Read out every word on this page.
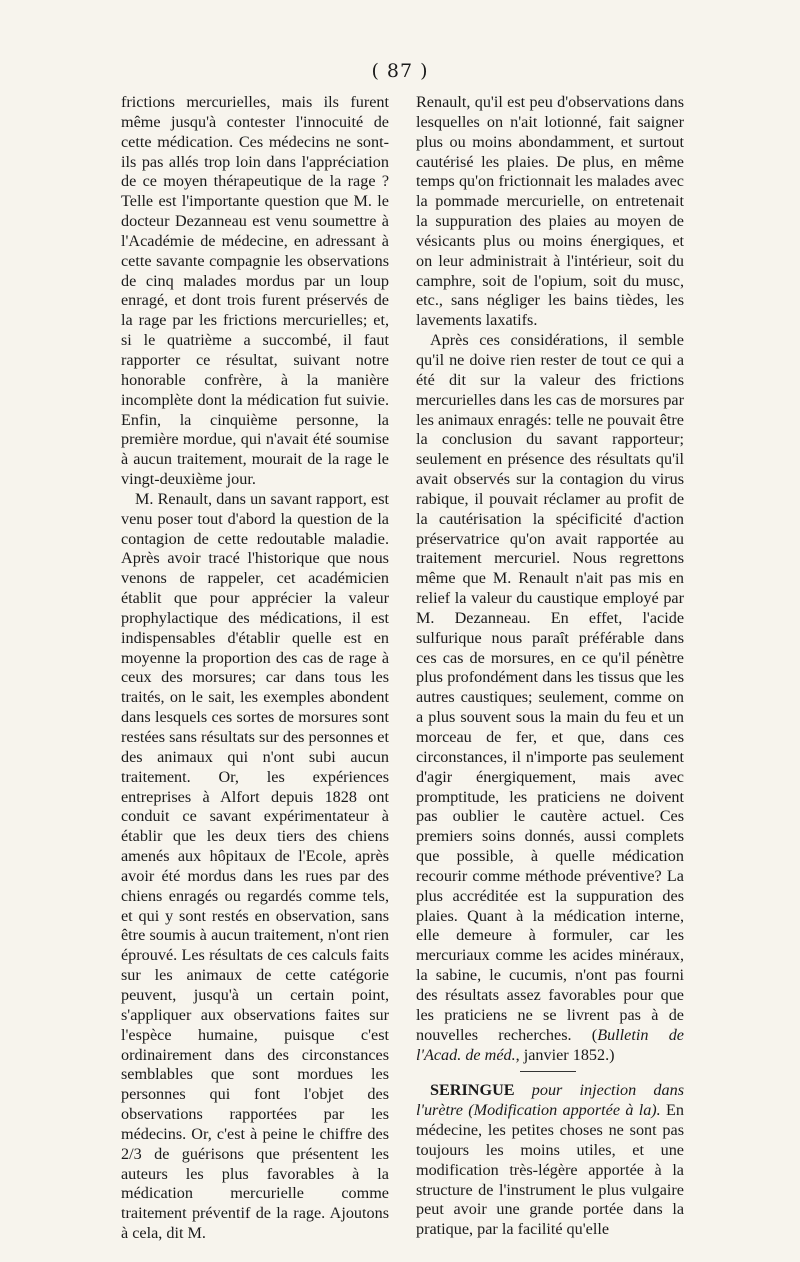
( 87 )

frictions mercurielles, mais ils furent même jusqu'à contester l'innocuité de cette médication. Ces médecins ne sont-ils pas allés trop loin dans l'appréciation de ce moyen thérapeutique de la rage ? Telle est l'importante question que M. le docteur Dezanneau est venu soumettre à l'Académie de médecine, en adressant à cette savante compagnie les observations de cinq malades mordus par un loup enragé, et dont trois furent préservés de la rage par les frictions mercurielles; et, si le quatrième a succombé, il faut rapporter ce résultat, suivant notre honorable confrère, à la manière incomplète dont la médication fut suivie. Enfin, la cinquième personne, la première mordue, qui n'avait été soumise à aucun traitement, mourait de la rage le vingt-deuxième jour.

M. Renault, dans un savant rapport, est venu poser tout d'abord la question de la contagion de cette redoutable maladie. Après avoir tracé l'historique que nous venons de rappeler, cet académicien établit que pour apprécier la valeur prophylactique des médications, il est indispensables d'établir quelle est en moyenne la proportion des cas de rage à ceux des morsures; car dans tous les traités, on le sait, les exemples abondent dans lesquels ces sortes de morsures sont restées sans résultats sur des personnes et des animaux qui n'ont subi aucun traitement. Or, les expériences entreprises à Alfort depuis 1828 ont conduit ce savant expérimentateur à établir que les deux tiers des chiens amenés aux hôpitaux de l'Ecole, après avoir été mordus dans les rues par des chiens enragés ou regardés comme tels, et qui y sont restés en observation, sans être soumis à aucun traitement, n'ont rien éprouvé. Les résultats de ces calculs faits sur les animaux de cette catégorie peuvent, jusqu'à un certain point, s'appliquer aux observations faites sur l'espèce humaine, puisque c'est ordinairement dans des circonstances semblables que sont mordues les personnes qui font l'objet des observations rapportées par les médecins. Or, c'est à peine le chiffre des 2/3 de guérisons que présentent les auteurs les plus favorables à la médication mercurielle comme traitement préventif de la rage. Ajoutons à cela, dit M.

Renault, qu'il est peu d'observations dans lesquelles on n'ait lotionné, fait saigner plus ou moins abondamment, et surtout cautérisé les plaies. De plus, en même temps qu'on frictionnait les malades avec la pommade mercurielle, on entretenait la suppuration des plaies au moyen de vésicants plus ou moins énergiques, et on leur administrait à l'intérieur, soit du camphre, soit de l'opium, soit du musc, etc., sans négliger les bains tièdes, les lavements laxatifs.

Après ces considérations, il semble qu'il ne doive rien rester de tout ce qui a été dit sur la valeur des frictions mercurielles dans les cas de morsures par les animaux enragés: telle ne pouvait être la conclusion du savant rapporteur; seulement en présence des résultats qu'il avait observés sur la contagion du virus rabique, il pouvait réclamer au profit de la cautérisation la spécificité d'action préservatrice qu'on avait rapportée au traitement mercuriel. Nous regrettons même que M. Renault n'ait pas mis en relief la valeur du caustique employé par M. Dezanneau. En effet, l'acide sulfurique nous paraît préférable dans ces cas de morsures, en ce qu'il pénètre plus profondément dans les tissus que les autres caustiques; seulement, comme on a plus souvent sous la main du feu et un morceau de fer, et que, dans ces circonstances, il n'importe pas seulement d'agir énergiquement, mais avec promptitude, les praticiens ne doivent pas oublier le cautère actuel. Ces premiers soins donnés, aussi complets que possible, à quelle médication recourir comme méthode préventive? La plus accréditée est la suppuration des plaies. Quant à la médication interne, elle demeure à formuler, car les mercuriaux comme les acides minéraux, la sabine, le cucumis, n'ont pas fourni des résultats assez favorables pour que les praticiens ne se livrent pas à de nouvelles recherches. (Bulletin de l'Acad. de méd., janvier 1852.)

SERINGUE pour injection dans l'urètre (Modification apportée à la). En médecine, les petites choses ne sont pas toujours les moins utiles, et une modification très-légère apportée à la structure de l'instrument le plus vulgaire peut avoir une grande portée dans la pratique, par la facilité qu'elle
